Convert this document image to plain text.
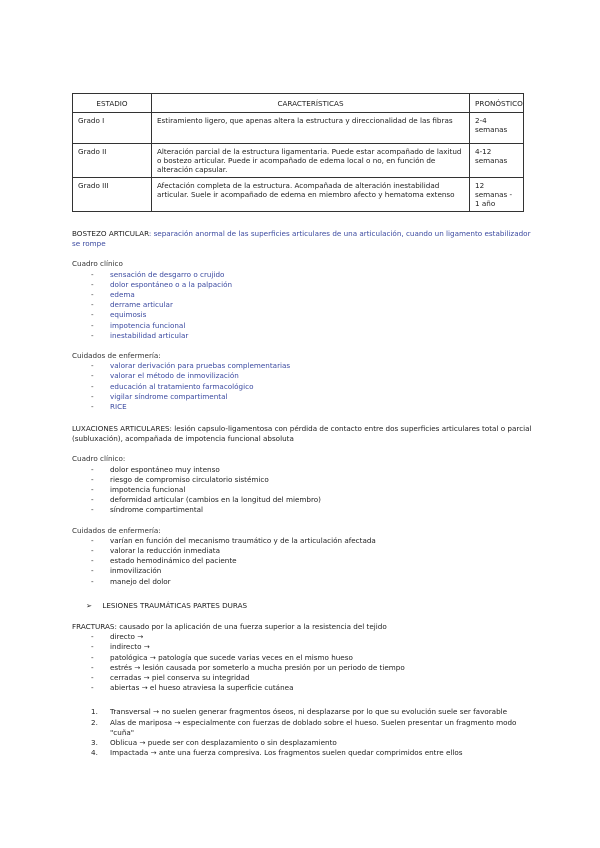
ESTADIO	CARACTERÍSTICAS	PRONÓSTICO
Grado I	Estiramiento ligero, que apenas altera la estructura y direccionalidad de las fibras	2-4 semanas
Grado II	Alteración parcial de la estructura ligamentaria. Puede estar acompañado de laxitud o bostezo articular. Puede ir acompañado de edema local o no, en función de alteración capsular.	4-12 semanas
Grado III	Afectación completa de la estructura. Acompañada de alteración inestabilidad articular. Suele ir acompañado de edema en miembro afecto y hematoma extenso	12 semanas - 1 año

BOSTEZO ARTICULAR: separación anormal de las superficies articulares de una articulación, cuando un ligamento estabilizador se rompe

Cuadro clínico

- sensación de desgarro o crujido
- dolor espontáneo o a la palpación
- edema
- derrame articular
- equimosis
- impotencia funcional
- inestabilidad articular

Cuidados de enfermería:

- valorar derivación para pruebas complementarias
- valorar el método de inmovilización
- educación al tratamiento farmacológico
- vigilar síndrome compartimental
- RICE

LUXACIONES ARTICULARES: lesión capsulo-ligamentosa con pérdida de contacto entre dos superficies articulares total o parcial (subluxación), acompañada de impotencia funcional absoluta

Cuadro clínico:

- dolor espontáneo muy intenso
- riesgo de compromiso circulatorio sistémico
- impotencia funcional
- deformidad articular (cambios en la longitud del miembro)
- síndrome compartimental

Cuidados de enfermería:

- varían en función del mecanismo traumático y de la articulación afectada
- valorar la reducción inmediata
- estado hemodinámico del paciente
- inmovilización
- manejo del dolor
➢ LESIONES TRAUMÁTICAS PARTES DURAS

FRACTURAS: causado por la aplicación de una fuerza superior a la resistencia del tejido

- directo →
- indirecto →
- patológica → patología que sucede varias veces en el mismo hueso
- estrés → lesión causada por someterlo a mucha presión por un periodo de tiempo
- cerradas → piel conserva su integridad
- abiertas → el hueso atraviesa la superficie cutánea
1. Transversal → no suelen generar fragmentos óseos, ni desplazarse por lo que su evolución suele ser favorable
2. Alas de mariposa → especialmente con fuerzas de doblado sobre el hueso. Suelen presentar un fragmento modo "cuña"
3. Oblicua → puede ser con desplazamiento o sin desplazamiento
4. Impactada → ante una fuerza compresiva. Los fragmentos suelen quedar comprimidos entre ellos
